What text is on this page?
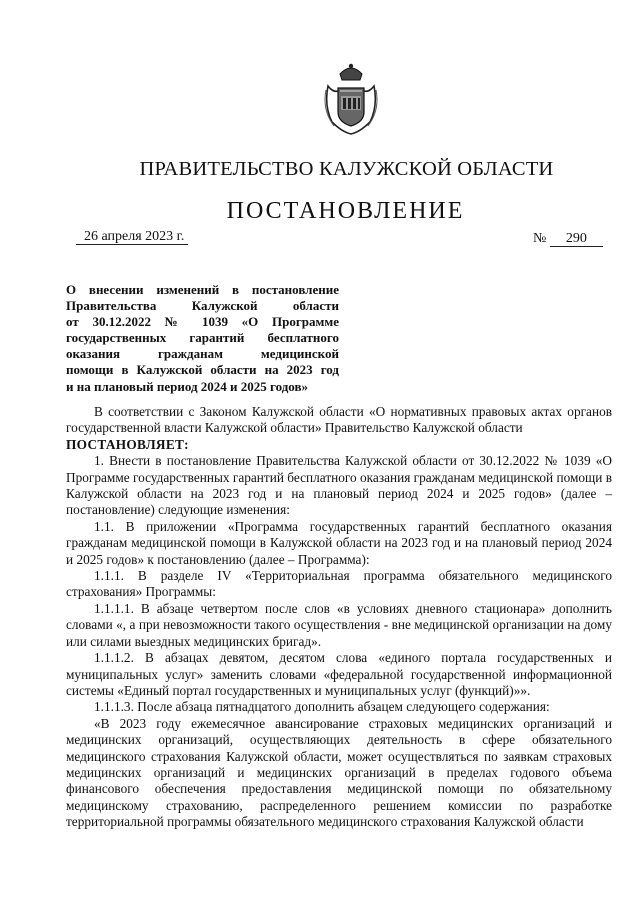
ПРАВИТЕЛЬСТВО КАЛУЖСКОЙ ОБЛАСТИ
ПОСТАНОВЛЕНИЕ
26 апреля 2023 г.	№ 290
О внесении изменений в постановление
Правительства Калужской области
от 30.12.2022 № 1039 «О Программе
государственных гарантий бесплатного
оказания гражданам медицинской
помощи в Калужской области на 2023 год
и на плановый период 2024 и 2025 годов»

В соответствии с Законом Калужской области «О нормативных правовых актах органов государственной власти Калужской области» Правительство Калужской области

ПОСТАНОВЛЯЕТ:

1. Внести в постановление Правительства Калужской области от 30.12.2022 № 1039 «О Программе государственных гарантий бесплатного оказания гражданам медицинской помощи в Калужской области на 2023 год и на плановый период 2024 и 2025 годов» (далее – постановление) следующие изменения:

1.1. В приложении «Программа государственных гарантий бесплатного оказания гражданам медицинской помощи в Калужской области на 2023 год и на плановый период 2024 и 2025 годов» к постановлению (далее – Программа):

1.1.1. В разделе IV «Территориальная программа обязательного медицинского страхования» Программы:

1.1.1.1. В абзаце четвертом после слов «в условиях дневного стационара» дополнить словами «, а при невозможности такого осуществления - вне медицинской организации на дому или силами выездных медицинских бригад».

1.1.1.2. В абзацах девятом, десятом слова «единого портала государственных и муниципальных услуг» заменить словами «федеральной государственной информационной системы «Единый портал государственных и муниципальных услуг (функций)»».

1.1.1.3. После абзаца пятнадцатого дополнить абзацем следующего содержания:

«В 2023 году ежемесячное авансирование страховых медицинских организаций и медицинских организаций, осуществляющих деятельность в сфере обязательного медицинского страхования Калужской области, может осуществляться по заявкам страховых медицинских организаций и медицинских организаций в пределах годового объема финансового обеспечения предоставления медицинской помощи по обязательному медицинскому страхованию, распределенного решением комиссии по разработке территориальной программы обязательного медицинского страхования Калужской области
